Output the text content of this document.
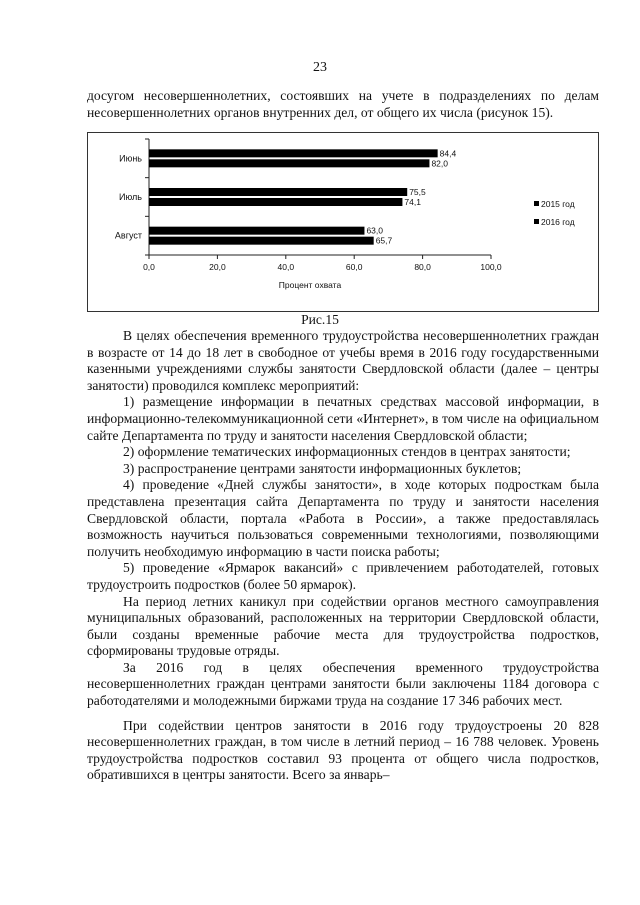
23

досугом несовершеннолетних, состоявших на учете в подразделениях по делам несовершеннолетних органов внутренних дел, от общего их числа (рисунок 15).

Июнь	84,4
82,0
Июль	75,5
74,1
Август	63,0
65,7
0,0	20,0	40,0	60,0	80,0	100,0
Процент охвата
2015 год
2016 год
Рис.15

В целях обеспечения временного трудоустройства несовершеннолетних граждан в возрасте от 14 до 18 лет в свободное от учебы время в 2016 году государственными казенными учреждениями службы занятости Свердловской области (далее – центры занятости) проводился комплекс мероприятий:

1) размещение информации в печатных средствах массовой информации, в информационно-телекоммуникационной сети «Интернет», в том числе на официальном сайте Департамента по труду и занятости населения Свердловской области;

2) оформление тематических информационных стендов в центрах занятости;

3) распространение центрами занятости информационных буклетов;

4) проведение «Дней службы занятости», в ходе которых подросткам была представлена презентация сайта Департамента по труду и занятости населения Свердловской области, портала «Работа в России», а также предоставлялась возможность научиться пользоваться современными технологиями, позволяющими получить необходимую информацию в части поиска работы;

5) проведение «Ярмарок вакансий» с привлечением работодателей, готовых трудоустроить подростков (более 50 ярмарок).

На период летних каникул при содействии органов местного самоуправления муниципальных образований, расположенных на территории Свердловской области, были созданы временные рабочие места для трудоустройства подростков, сформированы трудовые отряды.

За 2016 год в целях обеспечения временного трудоустройства несовершеннолетних граждан центрами занятости были заключены 1184 договора с работодателями и молодежными биржами труда на создание 17 346 рабочих мест.

При содействии центров занятости в 2016 году трудоустроены 20 828 несовершеннолетних граждан, в том числе в летний период – 16 788 человек. Уровень трудоустройства подростков составил 93 процента от общего числа подростков, обратившихся в центры занятости. Всего за январь–
